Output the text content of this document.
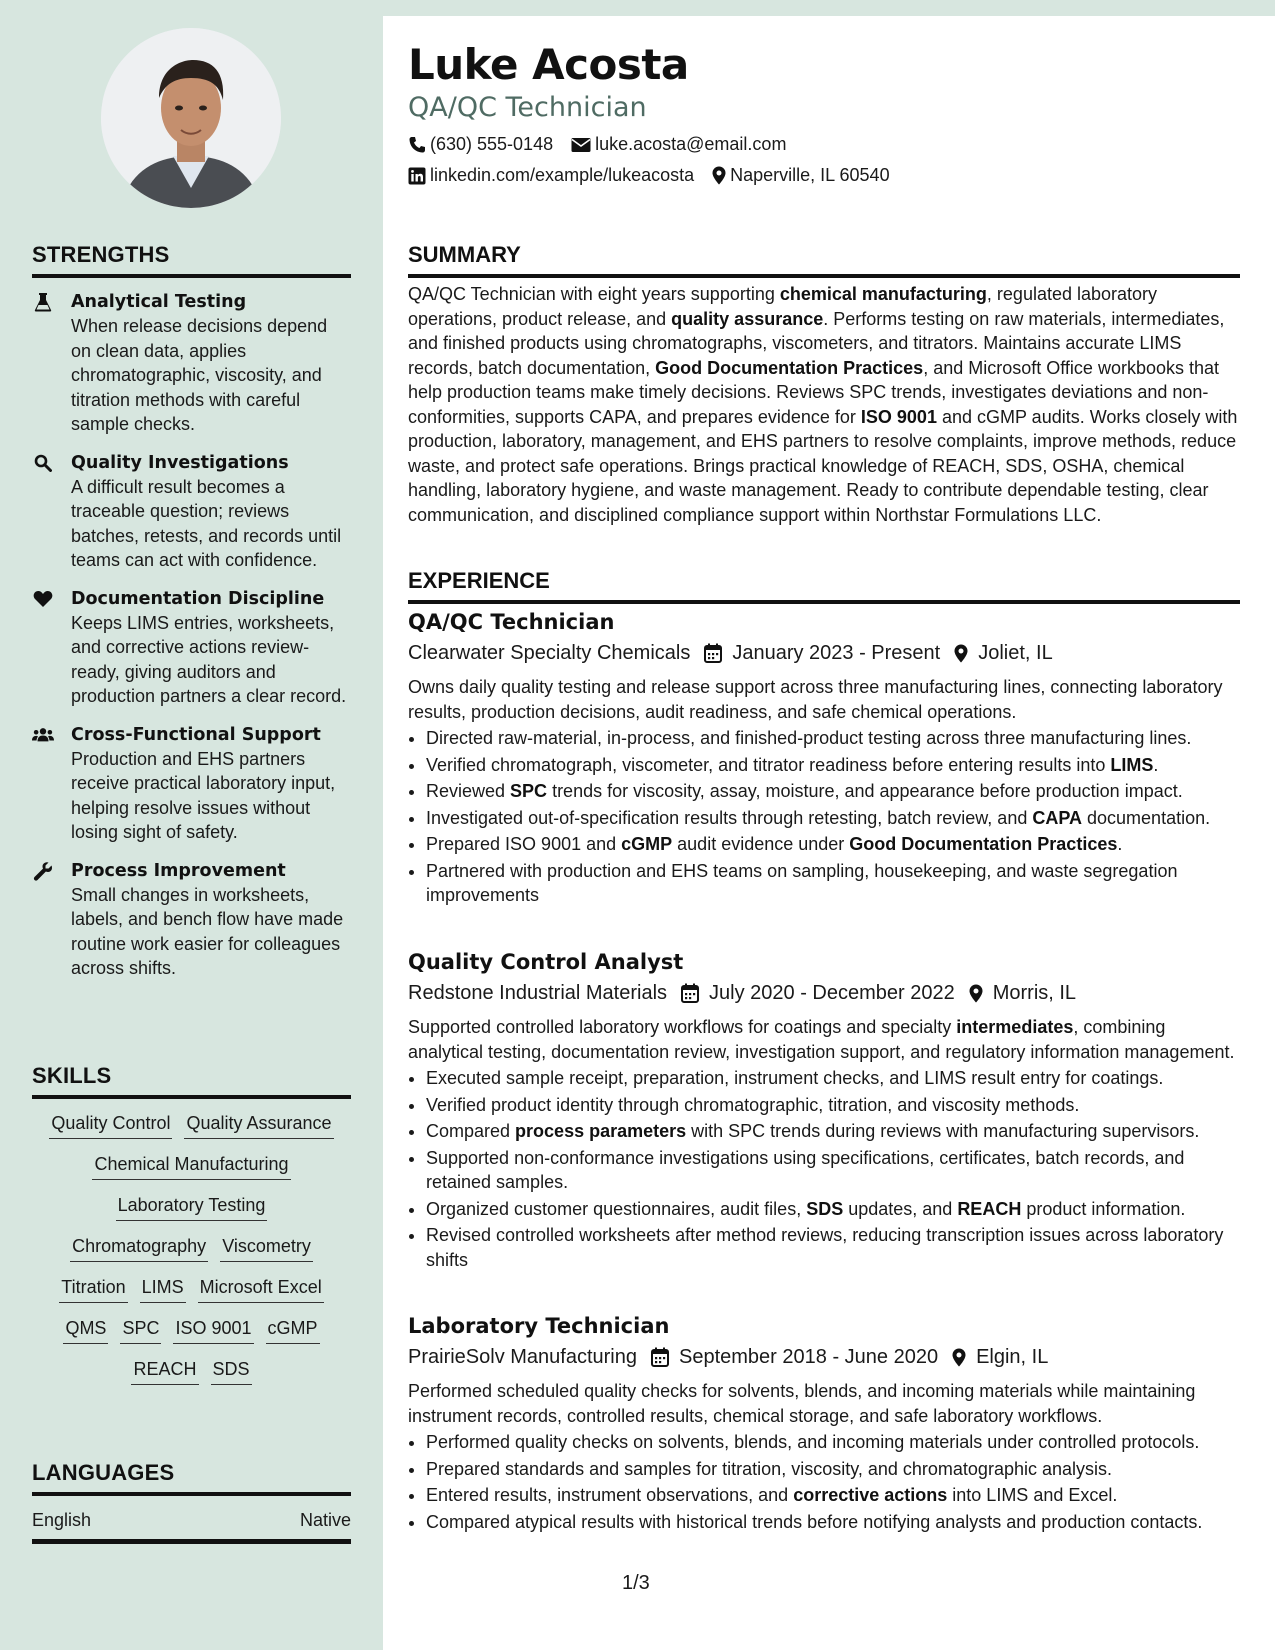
STRENGTHS
Analytical Testing
When release decisions depend on clean data, applies chromatographic, viscosity, and titration methods with careful sample checks.
Quality Investigations
A difficult result becomes a traceable question; reviews batches, retests, and records until teams can act with confidence.
Documentation Discipline
Keeps LIMS entries, worksheets, and corrective actions review-ready, giving auditors and production partners a clear record.
Cross-Functional Support
Production and EHS partners receive practical laboratory input, helping resolve issues without losing sight of safety.
Process Improvement
Small changes in worksheets, labels, and bench flow have made routine work easier for colleagues across shifts.
SKILLS
Quality Control Quality Assurance
Chemical Manufacturing
Laboratory Testing
Chromatography Viscometry
Titration LIMS Microsoft Excel
QMS SPC ISO 9001 cGMP
REACH SDS
LANGUAGES
English	Native
Luke Acosta
QA/QC Technician
(630) 555-0148 luke.acosta@email.com
linkedin.com/example/lukeacosta Naperville, IL 60540
SUMMARY

QA/QC Technician with eight years supporting chemical manufacturing, regulated laboratory operations, product release, and quality assurance. Performs testing on raw materials, intermediates, and finished products using chromatographs, viscometers, and titrators. Maintains accurate LIMS records, batch documentation, Good Documentation Practices, and Microsoft Office workbooks that help production teams make timely decisions. Reviews SPC trends, investigates deviations and non-conformities, supports CAPA, and prepares evidence for ISO 9001 and cGMP audits. Works closely with production, laboratory, management, and EHS partners to resolve complaints, improve methods, reduce waste, and protect safe operations. Brings practical knowledge of REACH, SDS, OSHA, chemical handling, laboratory hygiene, and waste management. Ready to contribute dependable testing, clear communication, and disciplined compliance support within Northstar Formulations LLC.

EXPERIENCE
QA/QC Technician
Clearwater Specialty Chemicals January 2023 - Present Joliet, IL

Owns daily quality testing and release support across three manufacturing lines, connecting laboratory results, production decisions, audit readiness, and safe chemical operations.

• Directed raw-material, in-process, and finished-product testing across three manufacturing lines.
• Verified chromatograph, viscometer, and titrator readiness before entering results into LIMS.
• Reviewed SPC trends for viscosity, assay, moisture, and appearance before production impact.
• Investigated out-of-specification results through retesting, batch review, and CAPA documentation.
• Prepared ISO 9001 and cGMP audit evidence under Good Documentation Practices.
• Partnered with production and EHS teams on sampling, housekeeping, and waste segregation improvements
Quality Control Analyst
Redstone Industrial Materials July 2020 - December 2022 Morris, IL

Supported controlled laboratory workflows for coatings and specialty intermediates, combining analytical testing, documentation review, investigation support, and regulatory information management.

• Executed sample receipt, preparation, instrument checks, and LIMS result entry for coatings.
• Verified product identity through chromatographic, titration, and viscosity methods.
• Compared process parameters with SPC trends during reviews with manufacturing supervisors.
• Supported non-conformance investigations using specifications, certificates, batch records, and retained samples.
• Organized customer questionnaires, audit files, SDS updates, and REACH product information.
• Revised controlled worksheets after method reviews, reducing transcription issues across laboratory shifts
Laboratory Technician
PrairieSolv Manufacturing September 2018 - June 2020 Elgin, IL

Performed scheduled quality checks for solvents, blends, and incoming materials while maintaining instrument records, controlled results, chemical storage, and safe laboratory workflows.

• Performed quality checks on solvents, blends, and incoming materials under controlled protocols.
• Prepared standards and samples for titration, viscosity, and chromatographic analysis.
• Entered results, instrument observations, and corrective actions into LIMS and Excel.
• Compared atypical results with historical trends before notifying analysts and production contacts.
1/3
